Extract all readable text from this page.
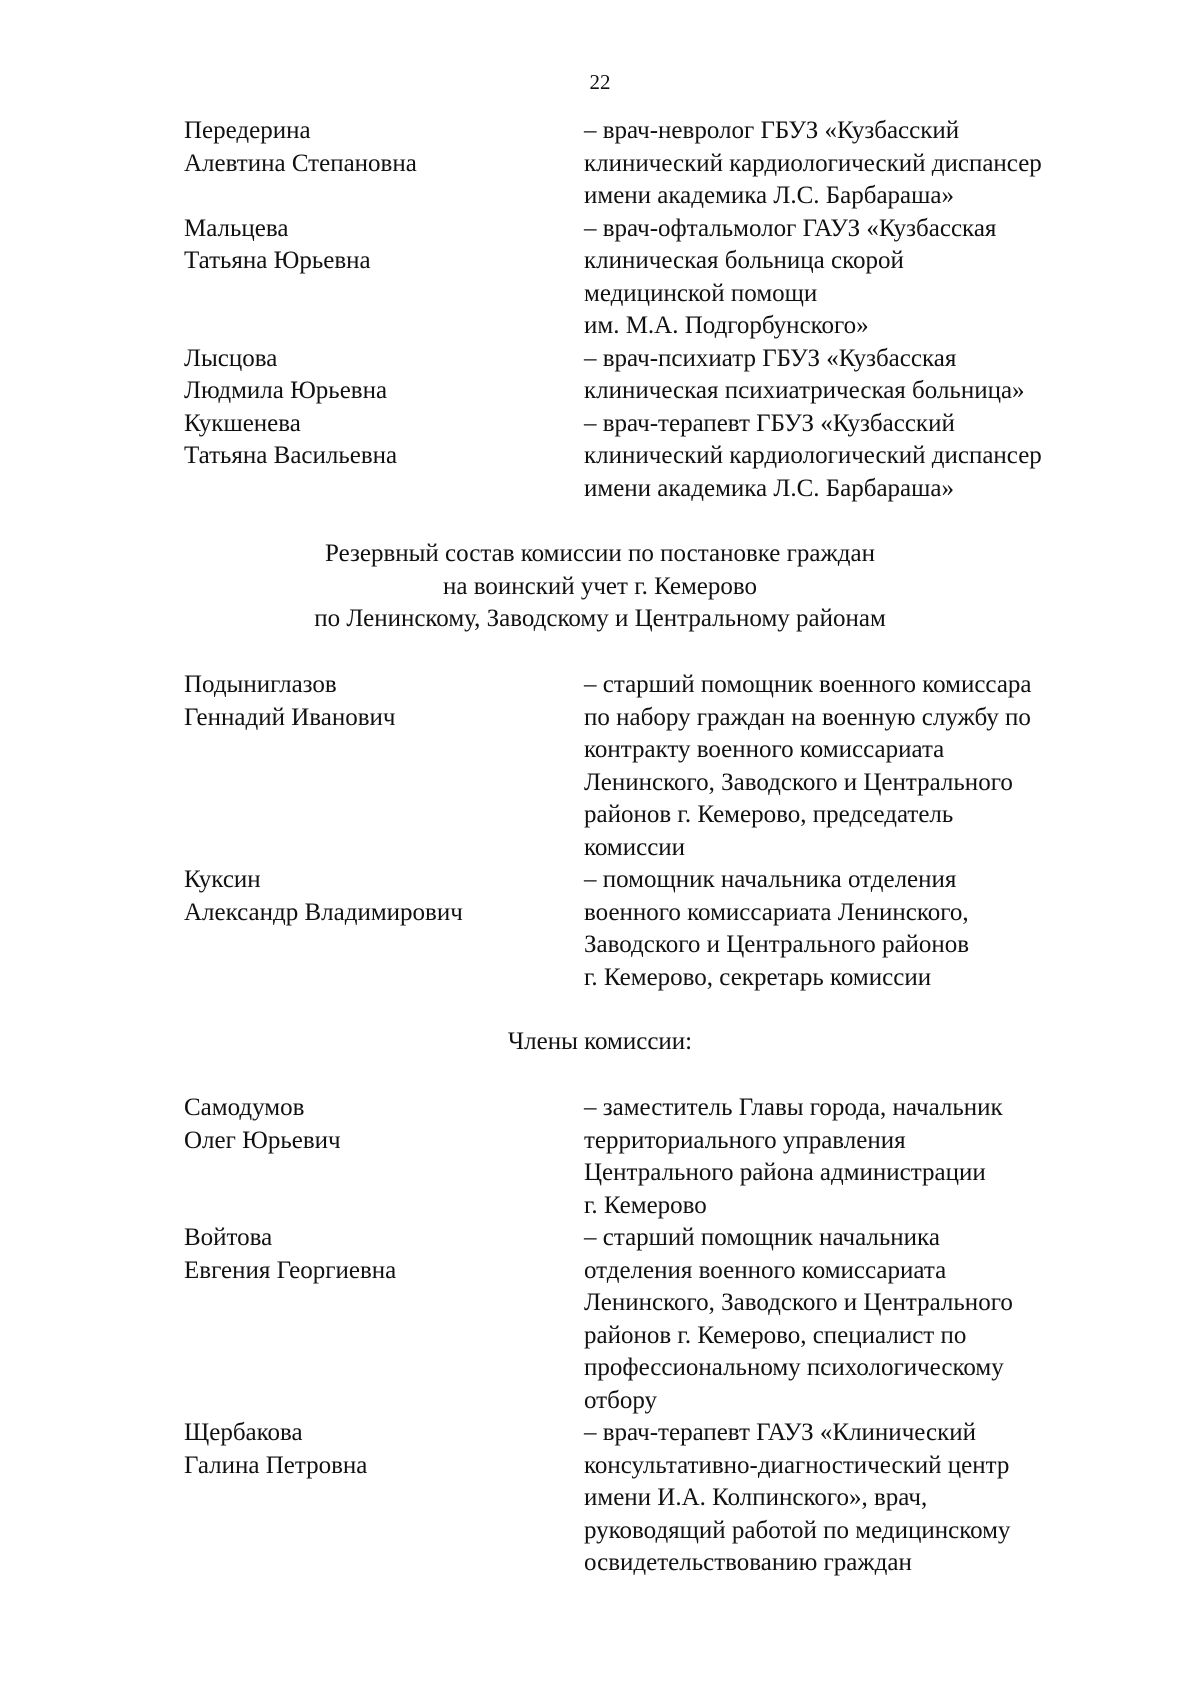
22
Передерина
Алевтина Степановна
– врач-невролог ГБУЗ «Кузбасский
клинический кардиологический диспансер
имени академика Л.С. Барбараша»
Мальцева
Татьяна Юрьевна
– врач-офтальмолог ГАУЗ «Кузбасская
клиническая больница скорой
медицинской помощи
им. М.А. Подгорбунского»
Лысцова
Людмила Юрьевна
– врач-психиатр ГБУЗ «Кузбасская
клиническая психиатрическая больница»
Кукшенева
Татьяна Васильевна
– врач-терапевт ГБУЗ «Кузбасский
клинический кардиологический диспансер
имени академика Л.С. Барбараша»
Резервный состав комиссии по постановке граждан
на воинский учет г. Кемерово
по Ленинскому, Заводскому и Центральному районам
Подыниглазов
Геннадий Иванович
– старший помощник военного комиссара
по набору граждан на военную службу по
контракту военного комиссариата
Ленинского, Заводского и Центрального
районов г. Кемерово, председатель
комиссии
Куксин
Александр Владимирович
– помощник начальника отделения
военного комиссариата Ленинского,
Заводского и Центрального районов
г. Кемерово, секретарь комиссии
Члены комиссии:
Самодумов
Олег Юрьевич
– заместитель Главы города, начальник
территориального управления
Центрального района администрации
г. Кемерово
Войтова
Евгения Георгиевна
– старший помощник начальника
отделения военного комиссариата
Ленинского, Заводского и Центрального
районов г. Кемерово, специалист по
профессиональному психологическому
отбору
Щербакова
Галина Петровна
– врач-терапевт ГАУЗ «Клинический
консультативно-диагностический центр
имени И.А. Колпинского», врач,
руководящий работой по медицинскому
освидетельствованию граждан
